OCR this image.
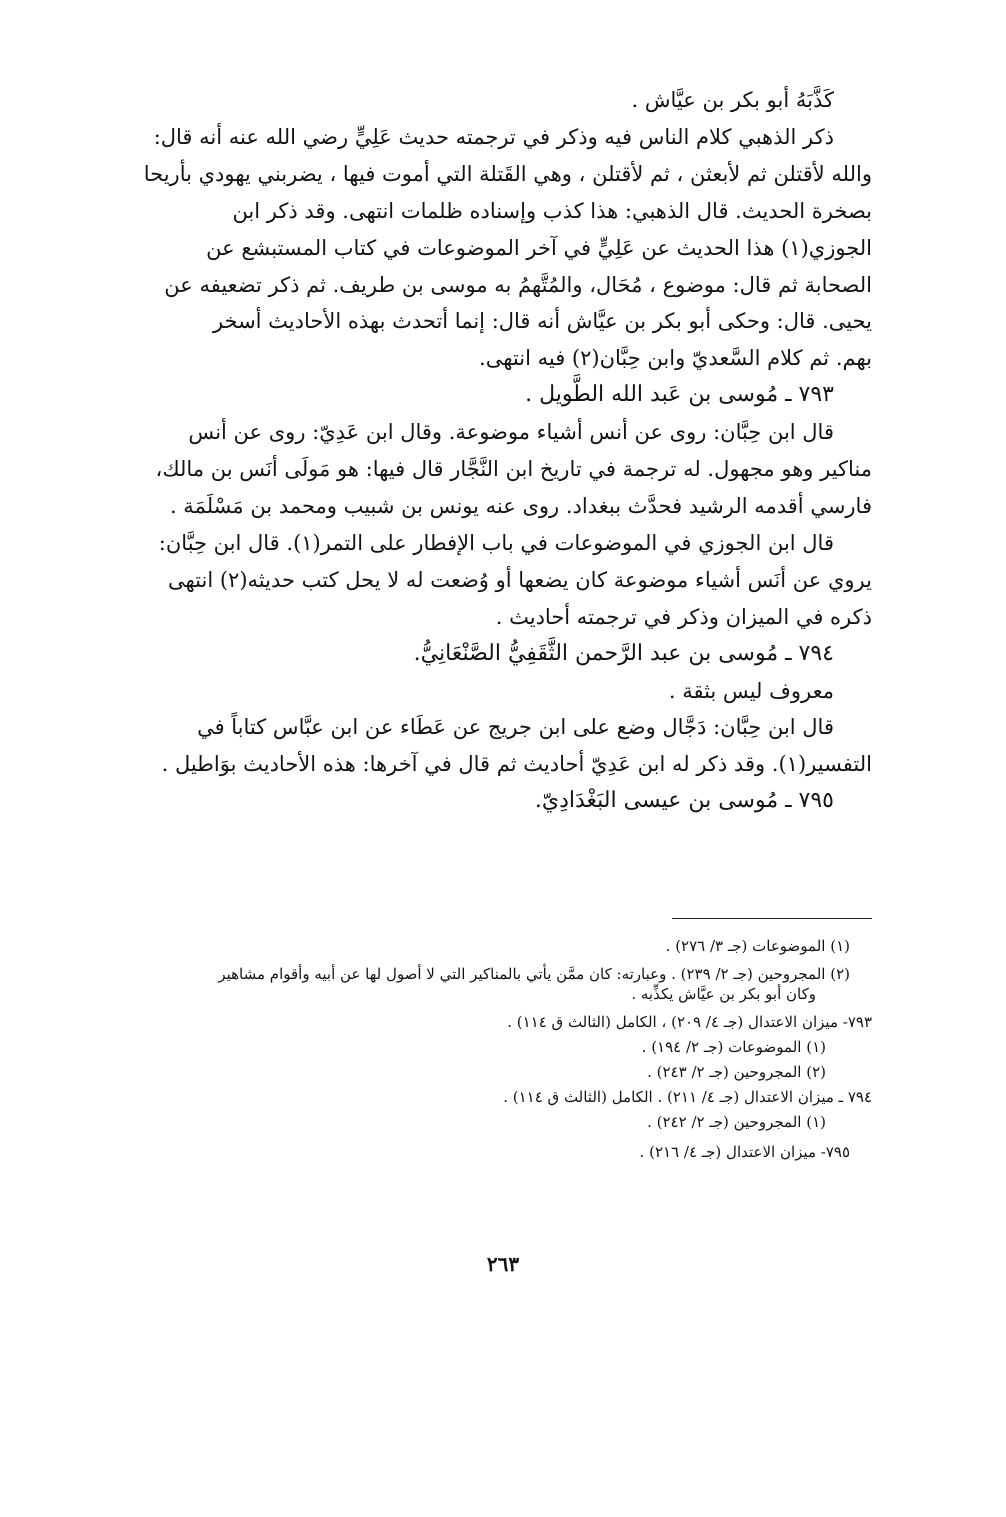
كَذَّبَهُ أبو بكر بن عيَّاش .

ذكر الذهبي كلام الناس فيه وذكر في ترجمته حديث عَلِيٍّ رضي الله عنه أنه قال:

والله لأقتلن ثم لأبعثن ، ثم لأقتلن ، وهي القَتلة التي أموت فيها ، يضربني يهودي بأريحا

بصخرة الحديث. قال الذهبي: هذا كذب وإسناده ظلمات انتهى. وقد ذكر ابن

الجوزي(١) هذا الحديث عن عَلِيٍّ في آخر الموضوعات في كتاب المستبشع عن

الصحابة ثم قال: موضوع ، مُحَال، والمُتَّهمُ به موسى بن طريف. ثم ذكر تضعيفه عن

يحيى. قال: وحكى أبو بكر بن عيَّاش أنه قال: إنما أتحدث بهذه الأحاديث أسخر

بهم. ثم كلام السَّعديّ وابن حِبَّان(٢) فيه انتهى.

٧٩٣ ـ مُوسى بن عَبد الله الطَّويل .

قال ابن حِبَّان: روى عن أنس أشياء موضوعة. وقال ابن عَدِيّ: روى عن أنس

مناكير وهو مجهول. له ترجمة في تاريخ ابن النَّجَّار قال فيها: هو مَولَى أنَس بن مالك،

فارسي أقدمه الرشيد فحدَّث ببغداد. روى عنه يونس بن شبيب ومحمد بن مَسْلَمَة .

قال ابن الجوزي في الموضوعات في باب الإفطار على التمر(١). قال ابن حِبَّان:

يروي عن أنَس أشياء موضوعة كان يضعها أو وُضعت له لا يحل كتب حديثه(٢) انتهى

ذكره في الميزان وذكر في ترجمته أحاديث .

٧٩٤ ـ مُوسى بن عبد الرَّحمن الثَّقَفِيُّ الصَّنْعَانِيُّ.

معروف ليس بثقة .

قال ابن حِبَّان: دَجَّال وضع على ابن جريج عن عَطَاء عن ابن عبَّاس كتاباً في

التفسير(١). وقد ذكر له ابن عَدِيّ أحاديث ثم قال في آخرها: هذه الأحاديث بوَاطيل .

٧٩٥ ـ مُوسى بن عيسى البَغْدَادِيّ.

(١) الموضوعات (جـ ٣/ ٢٧٦) .

(٢) المجروحين (جـ ٢/ ٢٣٩) . وعبارته: كان ممَّن يأتي بالمناكير التي لا أصول لها عن أبيه وأقوام مشاهير

وكان أبو بكر بن عيَّاش يكذِّبه .

٧٩٣- ميزان الاعتدال (جـ ٤/ ٢٠٩) ، الكامل (الثالث ق ١١٤) .

(١) الموضوعات (جـ ٢/ ١٩٤) .

(٢) المجروحين (جـ ٢/ ٢٤٣) .

٧٩٤ ـ ميزان الاعتدال (جـ ٤/ ٢١١) . الكامل (الثالث ق ١١٤) .

(١) المجروحين (جـ ٢/ ٢٤٢) .

٧٩٥- ميزان الاعتدال (جـ ٤/ ٢١٦) .

٢٦٣
